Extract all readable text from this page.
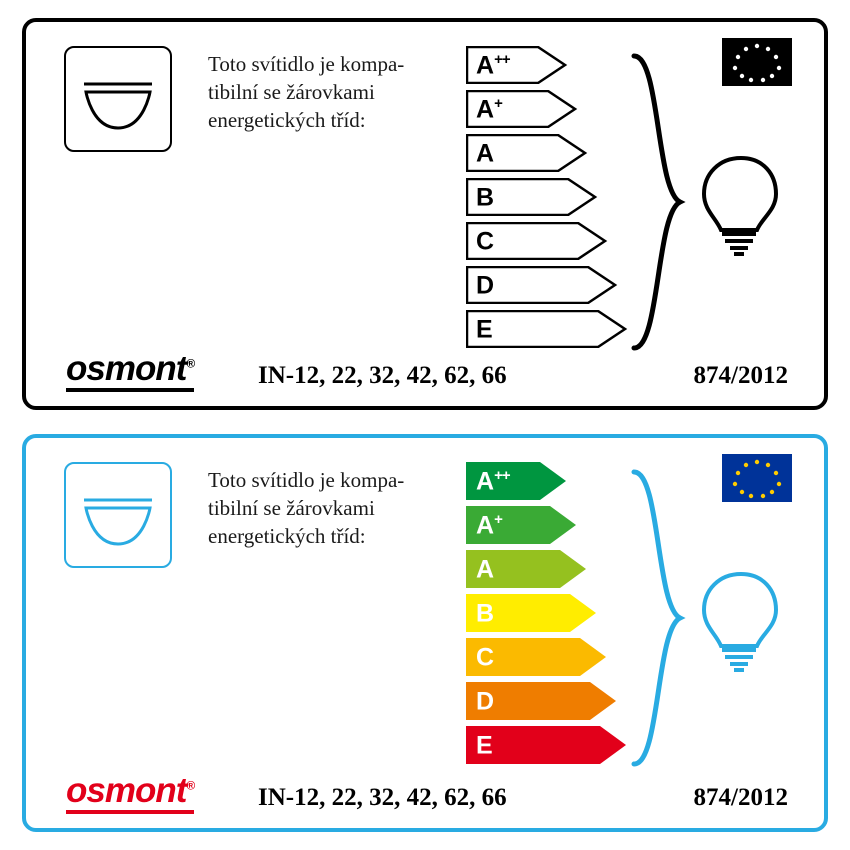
Toto svítidlo je kompa-
tibilní se žárovkami
energetických tříd:
A++
A+
A
B
C
D
E
osmont®	IN-12, 22, 32, 42, 62, 66	874/2012
Toto svítidlo je kompa-
tibilní se žárovkami
energetických tříd:
A++
A+
A
B
C
D
E
osmont®	IN-12, 22, 32, 42, 62, 66	874/2012
